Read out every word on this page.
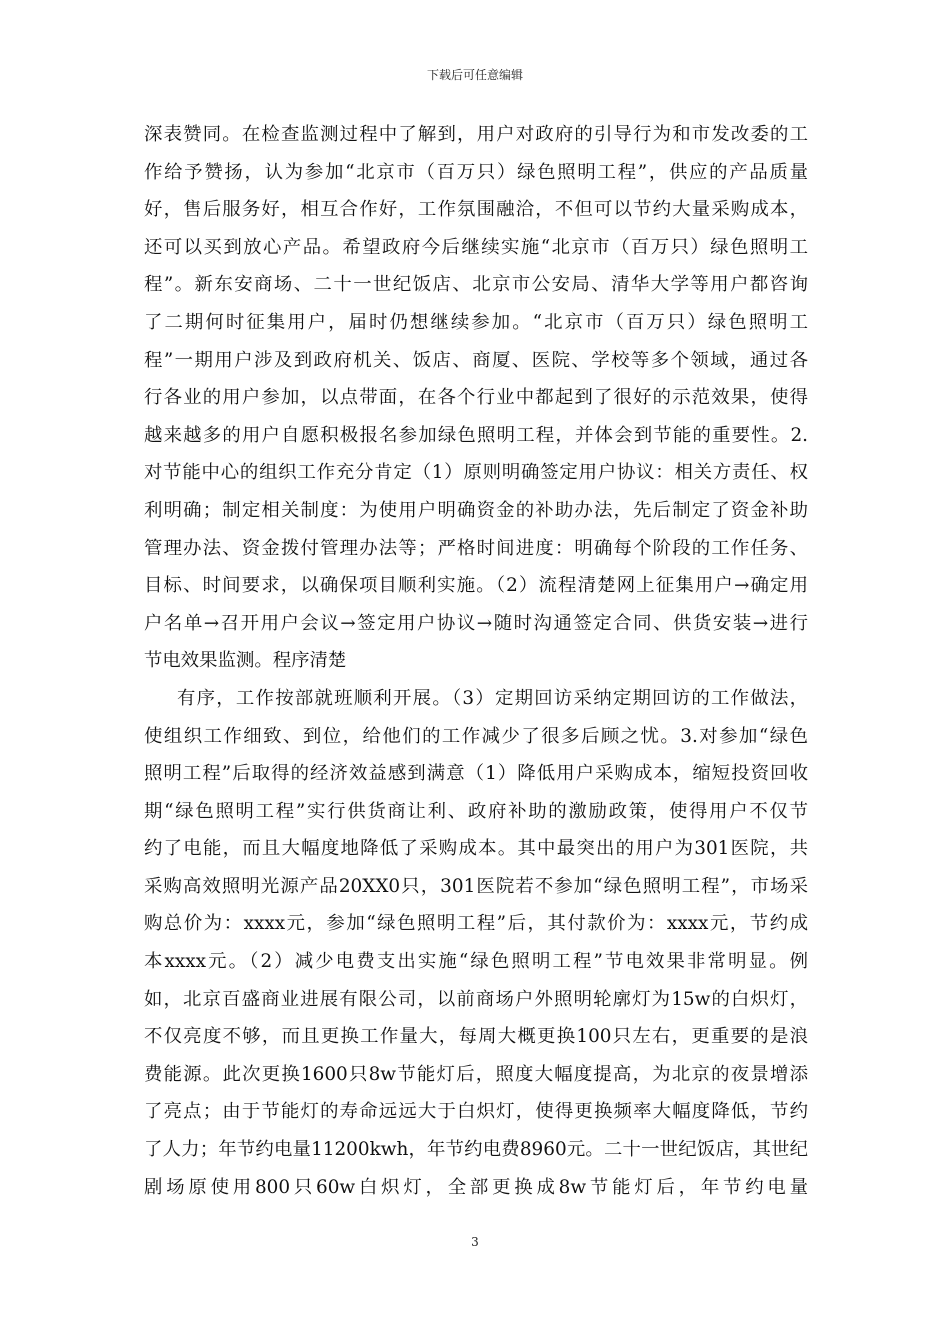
下载后可任意编辑
深表赞同。在检查监测过程中了解到，用户对政府的引导行为和市发改委的工
作给予赞扬，认为参加“北京市（百万只）绿色照明工程”，供应的产品质量
好，售后服务好，相互合作好，工作氛围融洽，不但可以节约大量采购成本，
还可以买到放心产品。希望政府今后继续实施“北京市（百万只）绿色照明工
程”。新东安商场、二十一世纪饭店、北京市公安局、清华大学等用户都咨询
了二期何时征集用户，届时仍想继续参加。“北京市（百万只）绿色照明工
程”一期用户涉及到政府机关、饭店、商厦、医院、学校等多个领域，通过各
行各业的用户参加，以点带面，在各个行业中都起到了很好的示范效果，使得
越来越多的用户自愿积极报名参加绿色照明工程，并体会到节能的重要性。2.
对节能中心的组织工作充分肯定（1）原则明确签定用户协议：相关方责任、权
利明确；制定相关制度：为使用户明确资金的补助办法，先后制定了资金补助
管理办法、资金拨付管理办法等；严格时间进度：明确每个阶段的工作任务、
目标、时间要求，以确保项目顺利实施。（2）流程清楚网上征集用户→确定用
户名单→召开用户会议→签定用户协议→随时沟通签定合同、供货安装→进行
节电效果监测。程序清楚
有序，工作按部就班顺利开展。（3）定期回访采纳定期回访的工作做法，
使组织工作细致、到位，给他们的工作减少了很多后顾之忧。3.对参加“绿色
照明工程”后取得的经济效益感到满意（1）降低用户采购成本，缩短投资回收
期“绿色照明工程”实行供货商让利、政府补助的激励政策，使得用户不仅节
约了电能，而且大幅度地降低了采购成本。其中最突出的用户为301医院，共
采购高效照明光源产品20XX0只，301医院若不参加“绿色照明工程”，市场采
购总价为：xxxx元，参加“绿色照明工程”后，其付款价为：xxxx元，节约成
本xxxx元。（2）减少电费支出实施“绿色照明工程”节电效果非常明显。例
如，北京百盛商业进展有限公司，以前商场户外照明轮廓灯为15w的白炽灯，
不仅亮度不够，而且更换工作量大，每周大概更换100只左右，更重要的是浪
费能源。此次更换1600只8w节能灯后，照度大幅度提高，为北京的夜景增添
了亮点；由于节能灯的寿命远远大于白炽灯，使得更换频率大幅度降低，节约
了人力；年节约电量11200kwh，年节约电费8960元。二十一世纪饭店，其世纪
剧场原使用800只60w白炽灯，全部更换成8w节能灯后，年节约电量
3
